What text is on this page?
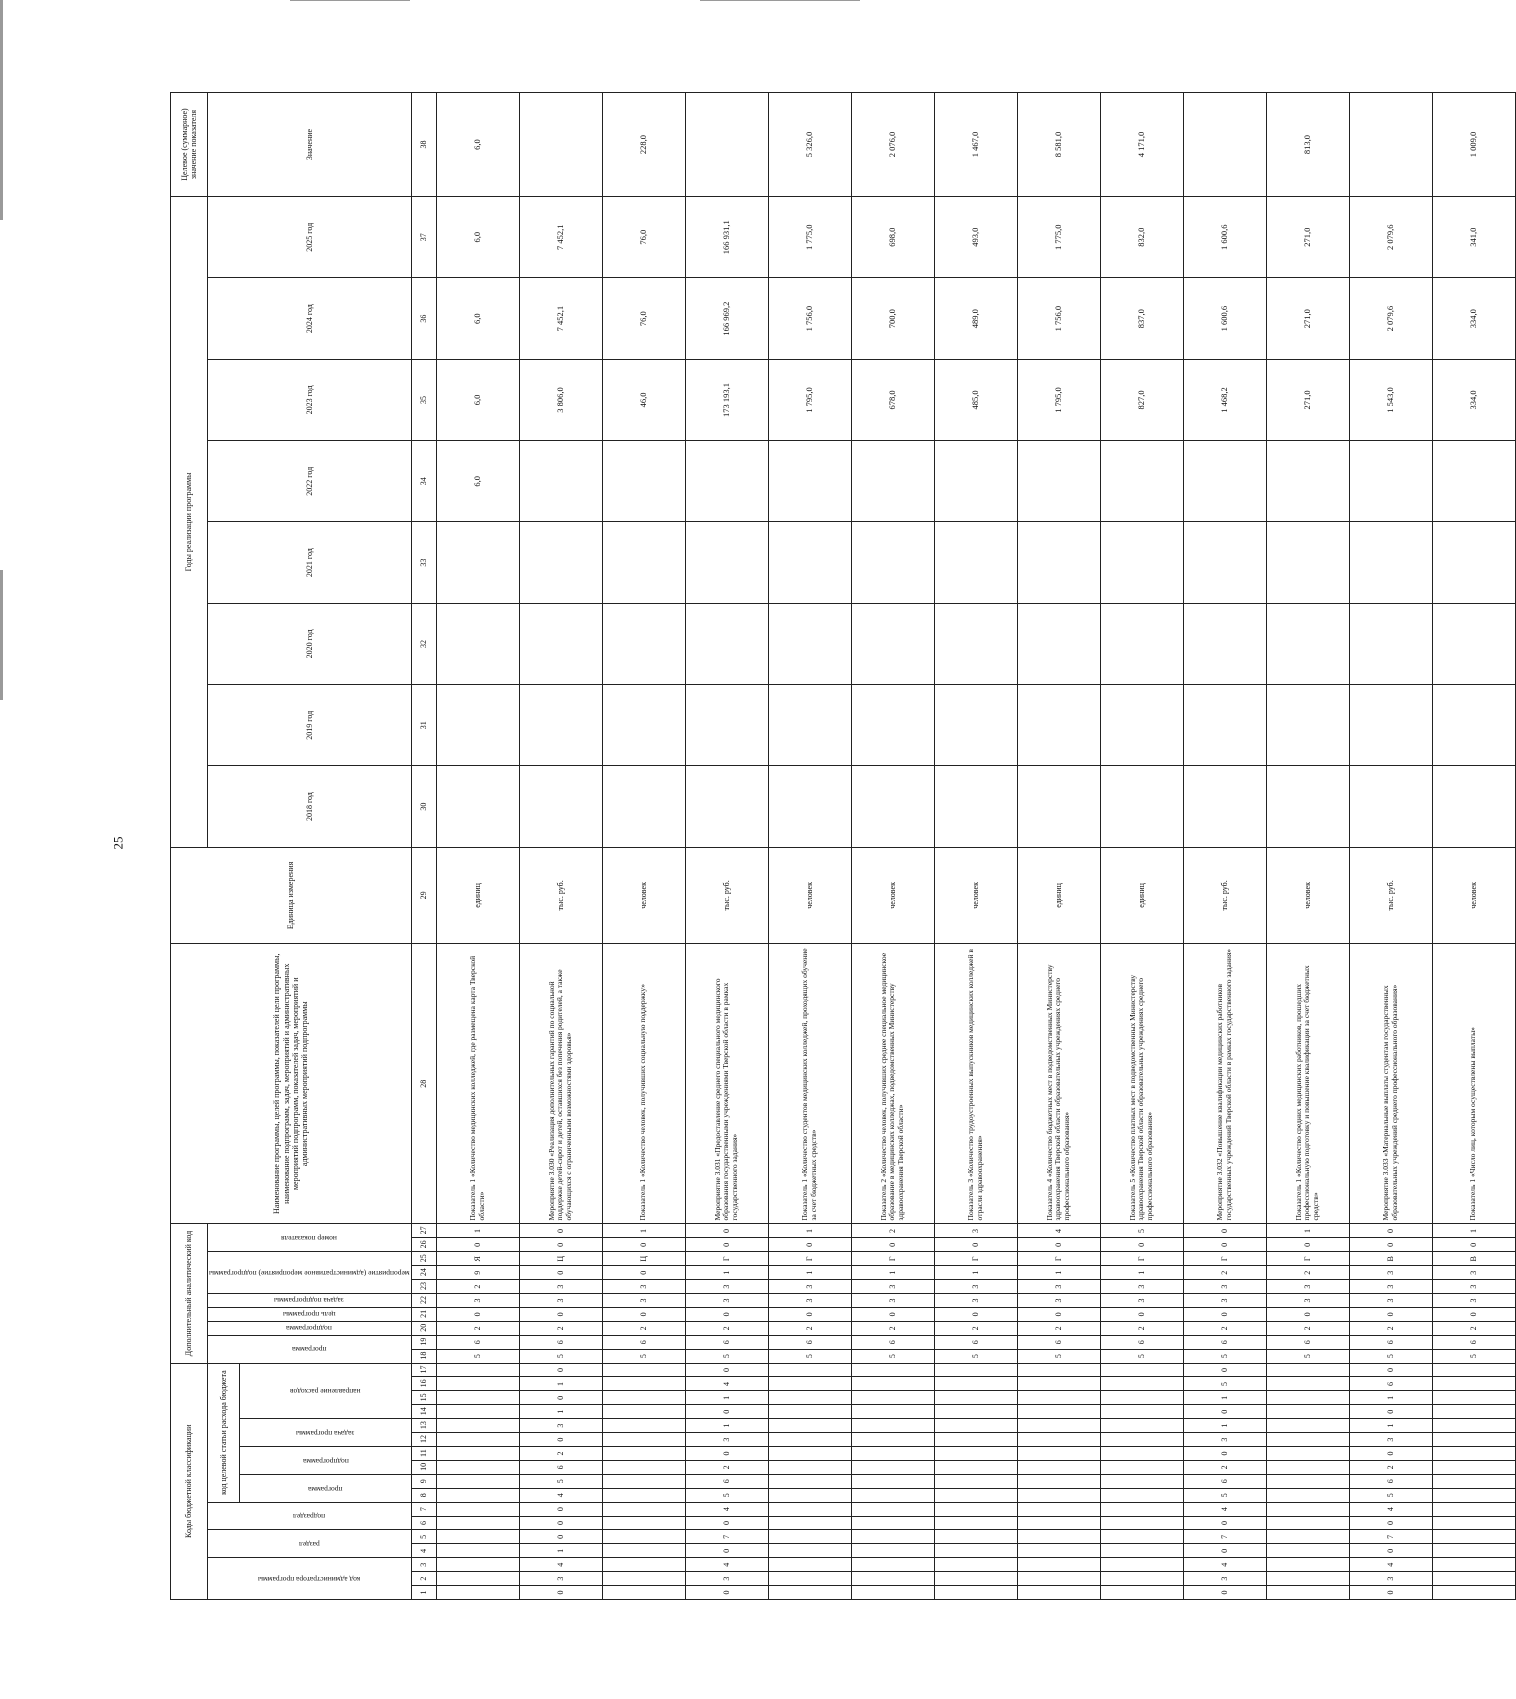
25
Коды бюджетной классификации																	Дополнительный аналитический код										Наименование программы, целей программы, показателей цели программы, наименование подпрограмм, задач, мероприятий и административных мероприятий подпрограмм, показателей задач, мероприятий и административных мероприятий подпрограммы	Единица измерения	Годы реализации программы								Целевое (суммарное) значение показателя

код администратора программы			раздел		подраздел		код целевой статьи расхода бюджета										программа		подпрограмма	цель программы	задача подпрограммы	мероприятие (административное мероприятие) подпрограммы			номер показателя				2018 год	2019 год	2020 год	2021 год	2022 год	2023 год	2024 год	2025 год	Значение

							программа		подпрограмма		задача программы		направление расходов																								

1	2	3	4	5	6	7	8	9	10	11	12	13	14	15	16	17	18	19	20	21	22	23	24	25	26	27	28	29	30	31	32	33	34	35	36	37	38
																	5	6	2	0	3	2	9	Я	0	1	Показатель 1 «Количество медицинских колледжей, где размещена карта Тверской области»	единиц					6,0	6,0	6,0	6,0	6,0
0	3	4	1	0	0	0	4	5	6	2	0	3	1	0	1	0	5	6	2	0	3	3	0	Ц	0	0	Мероприятие 3.030 «Реализация дополнительных гарантий по социальной поддержке детей-сирот и детей, оставшихся без попечения родителей, а также обучающихся с ограниченными возможностями здоровья»	тыс. руб.						3 806,0	7 452,1	7 452,1	
																	5	6	2	0	3	3	0	Ц	0	1	Показатель 1 «Количество человек, получивших социальную поддержку»	человек						46,0	76,0	76,0	228,0
0	3	4	0	7	0	4	5	6	2	0	3	1	0	1	4	0	5	6	2	0	3	3	1	Г	0	0	Мероприятие 3.031 «Предоставление среднего специального медицинского образования государственными учреждениями Тверской области в рамках государственного задания»	тыс. руб.						173 193,1	166 969,2	166 931,1	
																	5	6	2	0	3	3	1	Г	0	1	Показатель 1 «Количество студентов медицинских колледжей, проходящих обучение за счет бюджетных средств»	человек						1 795,0	1 756,0	1 775,0	5 326,0
																	5	6	2	0	3	3	1	Г	0	2	Показатель 2 «Количество человек, получивших среднее специальное медицинское образование в медицинских колледжах, подведомственных Министерству здравоохранения Тверской области»	человек						678,0	700,0	698,0	2 076,0
																	5	6	2	0	3	3	1	Г	0	3	Показатель 3 «Количество трудоустроенных выпускников медицинских колледжей в отрасли здравоохранения»	человек						485,0	489,0	493,0	1 467,0
																	5	6	2	0	3	3	1	Г	0	4	Показатель 4 «Количество бюджетных мест в подведомственных Министерству здравоохранения Тверской области образовательных учреждениях среднего профессионального образования»	единиц						1 795,0	1 756,0	1 775,0	8 581,0
																	5	6	2	0	3	3	1	Г	0	5	Показатель 5 «Количество платных мест в подведомственных Министерству здравоохранения Тверской области образовательных учреждениях среднего профессионального образования»	единиц						827,0	837,0	832,0	4 171,0
0	3	4	0	7	0	4	5	6	2	0	3	1	0	1	5	0	5	6	2	0	3	3	2	Г	0	0	Мероприятие 3.032 «Повышение квалификации медицинских работников государственных учреждений Тверской области в рамках государственного задания»	тыс. руб.						1 468,2	1 600,6	1 600,6	
																	5	6	2	0	3	3	2	Г	0	1	Показатель 1 «Количество средних медицинских работников, прошедших профессиональную подготовку и повышение квалификации за счет бюджетных средств»	человек						271,0	271,0	271,0	813,0
0	3	4	0	7	0	4	5	6	2	0	3	1	0	1	6	0	5	6	2	0	3	3	3	В	0	0	Мероприятие 3.033 «Материальные выплаты студентам государственных образовательных учреждений среднего профессионального образования»	тыс. руб.						1 543,0	2 079,6	2 079,6	
																	5	6	2	0	3	3	3	В	0	1	Показатель 1 «Число лиц, которым осуществлены выплаты»	человек						334,0	334,0	341,0	1 009,0
